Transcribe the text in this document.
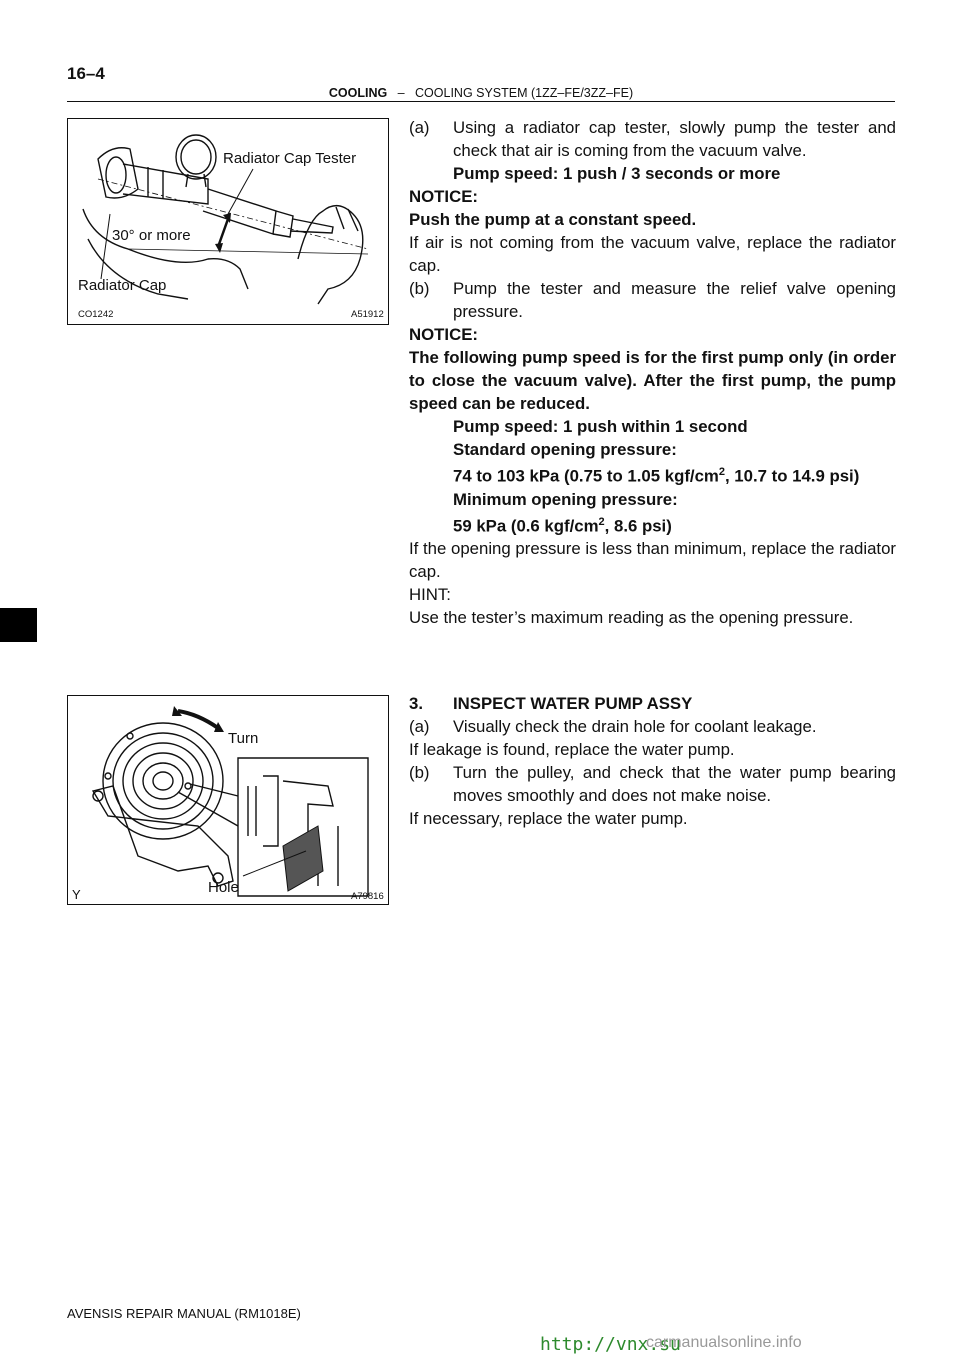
16–4
COOLING – COOLING SYSTEM (1ZZ–FE/3ZZ–FE)
Radiator Cap Tester
30° or more
Radiator Cap
CO1242	A51912
Turn
Hole
Y	A79816

(a) Using a radiator cap tester, slowly pump the tester and check that air is coming from the vacuum valve.

Pump speed: 1 push / 3 seconds or more

NOTICE:

Push the pump at a constant speed.

If air is not coming from the vacuum valve, replace the radiator cap.

(b) Pump the tester and measure the relief valve opening pressure.

NOTICE:

The following pump speed is for the first pump only (in order to close the vacuum valve). After the first pump, the pump speed can be reduced.

Pump speed: 1 push within 1 second

Standard opening pressure:

74 to 103 kPa (0.75 to 1.05 kgf/$cm^2$, 10.7 to 14.9 psi)

Minimum opening pressure:

59 kPa (0.6 kgf/$cm^2$, 8.6 psi)

If the opening pressure is less than minimum, replace the radiator cap.

HINT:

Use the tester’s maximum reading as the opening pressure.

3. INSPECT WATER PUMP ASSY

(a) Visually check the drain hole for coolant leakage.

If leakage is found, replace the water pump.

(b) Turn the pulley, and check that the water pump bearing moves smoothly and does not make noise.

If necessary, replace the water pump.

AVENSIS REPAIR MANUAL (RM1018E)
http://vnx.su
carmanualsonline.info
